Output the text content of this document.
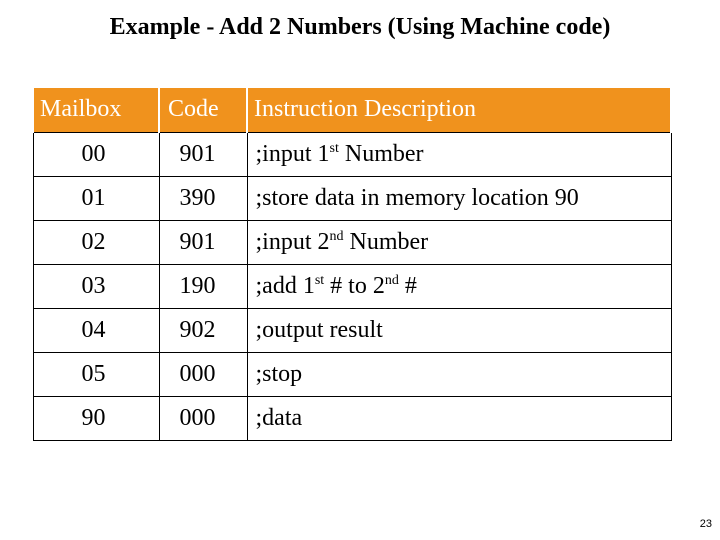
Example - Add 2 Numbers (Using Machine code)
Mailbox	Code	Instruction Description
00	901	;input 1st Number
01	390	;store data in memory location 90
02	901	;input 2nd Number
03	190	;add 1st # to 2nd #
04	902	;output result
05	000	;stop
90	000	;data
23
